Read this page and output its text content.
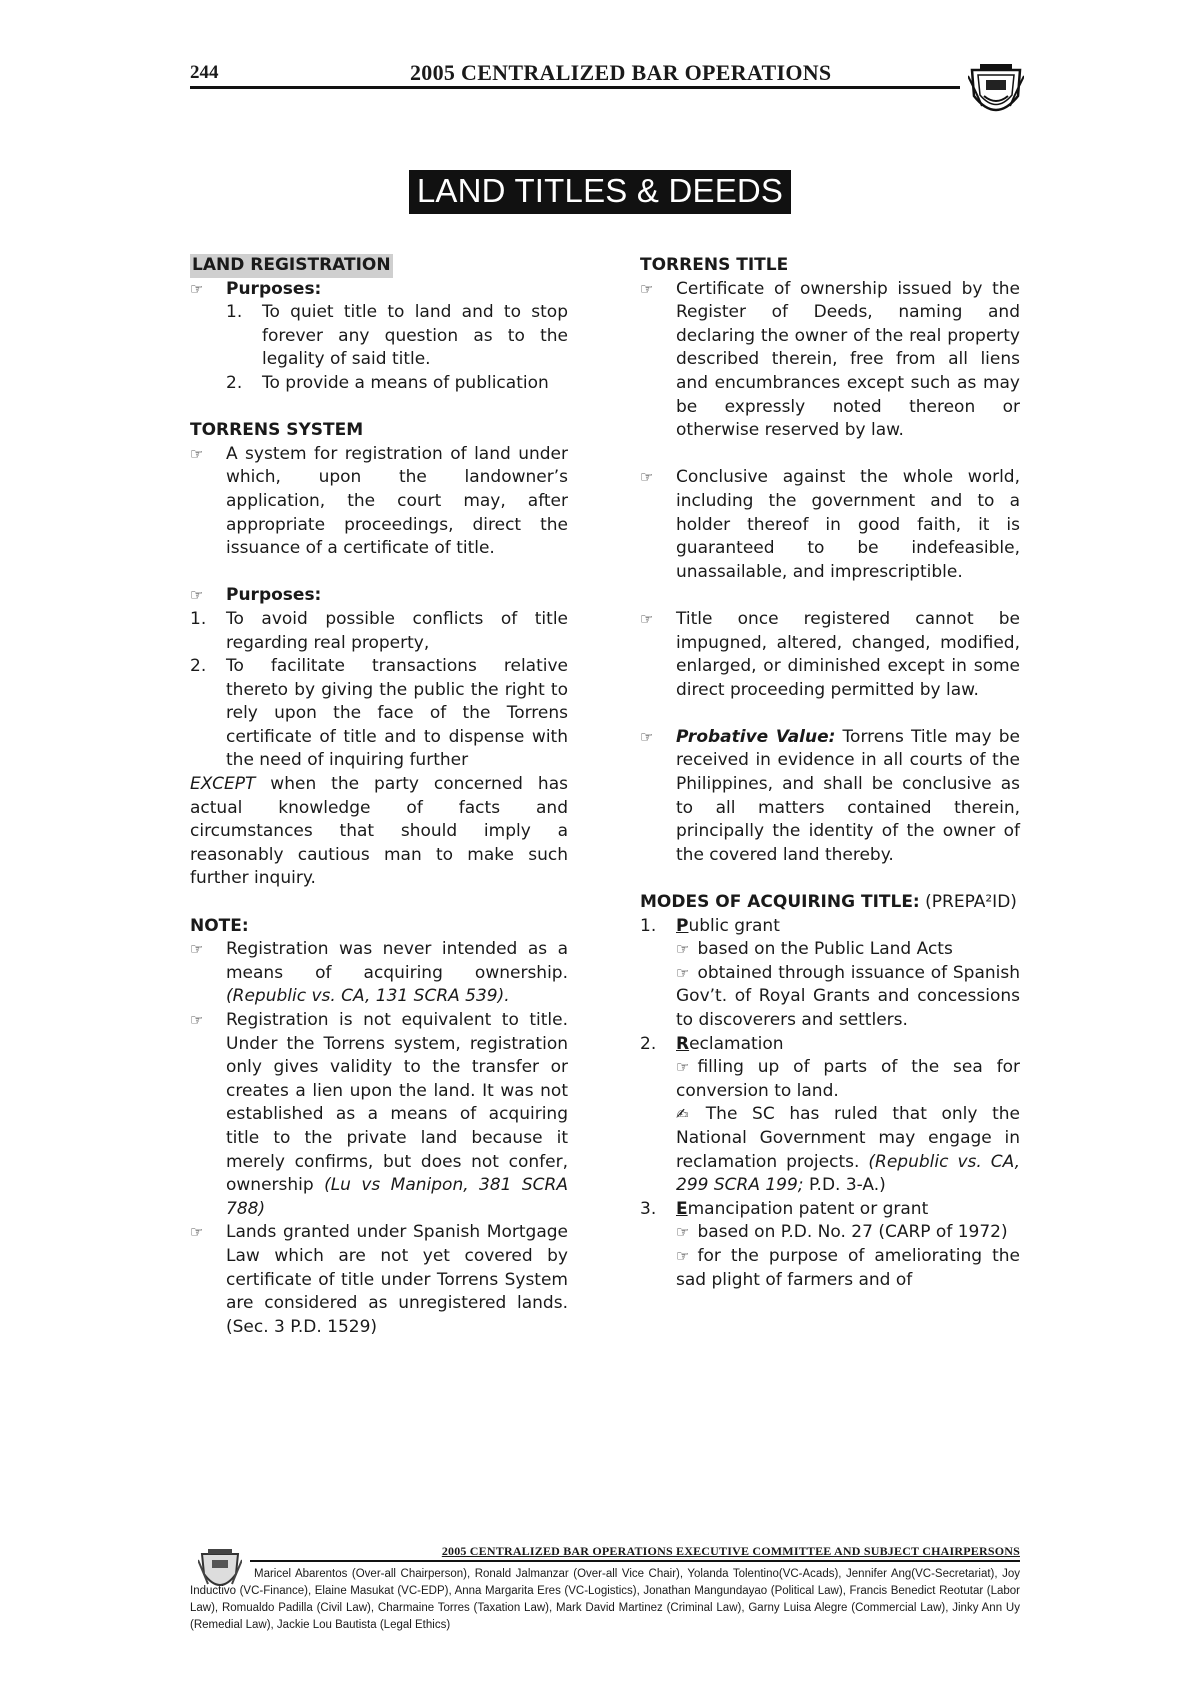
244	2005 CENTRALIZED BAR OPERATIONS
LAND TITLES & DEEDS

LAND REGISTRATION

☞ Purposes:
1. To quiet title to land and to stop forever any question as to the legality of said title.
2. To provide a means of publication

TORRENS SYSTEM

☞ A system for registration of land under which, upon the landowner’s application, the court may, after appropriate proceedings, direct the issuance of a certificate of title.
☞ Purposes:
1. To avoid possible conflicts of title regarding real property,
2. To facilitate transactions relative thereto by giving the public the right to rely upon the face of the Torrens certificate of title and to dispense with the need of inquiring further
EXCEPT when the party concerned has actual knowledge of facts and circumstances that should imply a reasonably cautious man to make such further inquiry.

NOTE:

☞ Registration was never intended as a means of acquiring ownership. (Republic vs. CA, 131 SCRA 539).
☞ Registration is not equivalent to title. Under the Torrens system, registration only gives validity to the transfer or creates a lien upon the land. It was not established as a means of acquiring title to the private land because it merely confirms, but does not confer, ownership (Lu vs Manipon, 381 SCRA 788)
☞ Lands granted under Spanish Mortgage Law which are not yet covered by certificate of title under Torrens System are considered as unregistered lands. (Sec. 3 P.D. 1529)

TORRENS TITLE

☞ Certificate of ownership issued by the Register of Deeds, naming and declaring the owner of the real property described therein, free from all liens and encumbrances except such as may be expressly noted thereon or otherwise reserved by law.
☞ Conclusive against the whole world, including the government and to a holder thereof in good faith, it is guaranteed to be indefeasible, unassailable, and imprescriptible.
☞ Title once registered cannot be impugned, altered, changed, modified, enlarged, or diminished except in some direct proceeding permitted by law.
☞ Probative Value: Torrens Title may be received in evidence in all courts of the Philippines, and shall be conclusive as to all matters contained therein, principally the identity of the owner of the covered land thereby.

MODES OF ACQUIRING TITLE: (PREPA²ID)

1. Public grant
☞ based on the Public Land Acts
☞ obtained through issuance of Spanish Gov’t. of Royal Grants and concessions to discoverers and settlers.
2. Reclamation
☞ filling up of parts of the sea for conversion to land.
✍ The SC has ruled that only the National Government may engage in reclamation projects. (Republic vs. CA, 299 SCRA 199; P.D. 3-A.)
3. Emancipation patent or grant
☞ based on P.D. No. 27 (CARP of 1972)
☞ for the purpose of ameliorating the sad plight of farmers and of
2005 CENTRALIZED BAR OPERATIONS EXECUTIVE COMMITTEE AND SUBJECT CHAIRPERSONS
Maricel Abarentos (Over-all Chairperson), Ronald Jalmanzar (Over-all Vice Chair), Yolanda Tolentino(VC-Acads), Jennifer Ang(VC-Secretariat), Joy Inductivo (VC-Finance), Elaine Masukat (VC-EDP), Anna Margarita Eres (VC-Logistics), Jonathan Mangundayao (Political Law), Francis Benedict Reotutar (Labor Law), Romualdo Padilla (Civil Law), Charmaine Torres (Taxation Law), Mark David Martinez (Criminal Law), Garny Luisa Alegre (Commercial Law), Jinky Ann Uy (Remedial Law), Jackie Lou Bautista (Legal Ethics)
